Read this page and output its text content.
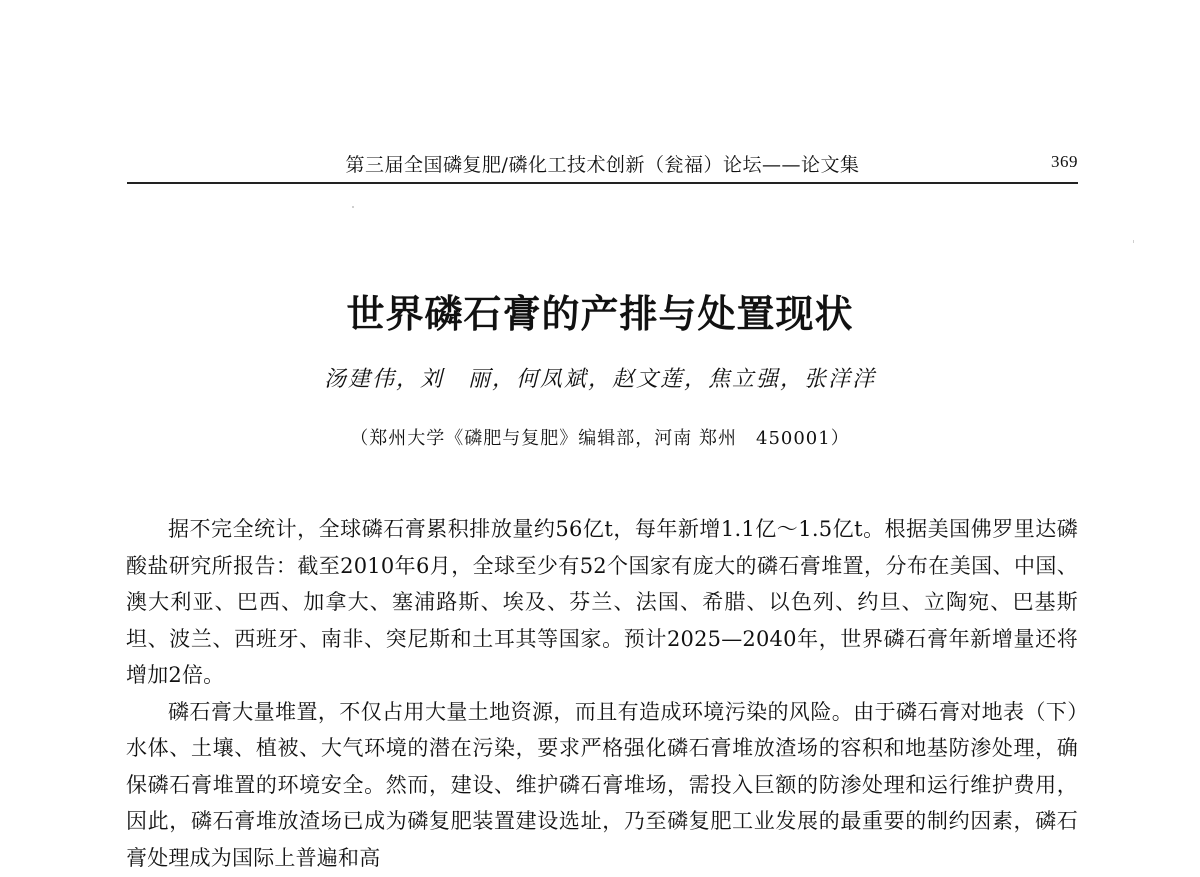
第三届全国磷复肥/磷化工技术创新（瓮福）论坛——论文集	369
世界磷石膏的产排与处置现状
汤建伟，刘　丽，何凤斌，赵文莲，焦立强，张洋洋
（郑州大学《磷肥与复肥》编辑部，河南 郑州　450001）

据不完全统计，全球磷石膏累积排放量约56亿t，每年新增1.1亿～1.5亿t。根据美国佛罗里达磷酸盐研究所报告：截至2010年6月，全球至少有52个国家有庞大的磷石膏堆置，分布在美国、中国、澳大利亚、巴西、加拿大、塞浦路斯、埃及、芬兰、法国、希腊、以色列、约旦、立陶宛、巴基斯坦、波兰、西班牙、南非、突尼斯和土耳其等国家。预计2025—2040年，世界磷石膏年新增量还将增加2倍。

磷石膏大量堆置，不仅占用大量土地资源，而且有造成环境污染的风险。由于磷石膏对地表（下）水体、土壤、植被、大气环境的潜在污染，要求严格强化磷石膏堆放渣场的容积和地基防渗处理，确保磷石膏堆置的环境安全。然而，建设、维护磷石膏堆场，需投入巨额的防渗处理和运行维护费用，因此，磷石膏堆放渣场已成为磷复肥装置建设选址，乃至磷复肥工业发展的最重要的制约因素，磷石膏处理成为国际上普遍和高
